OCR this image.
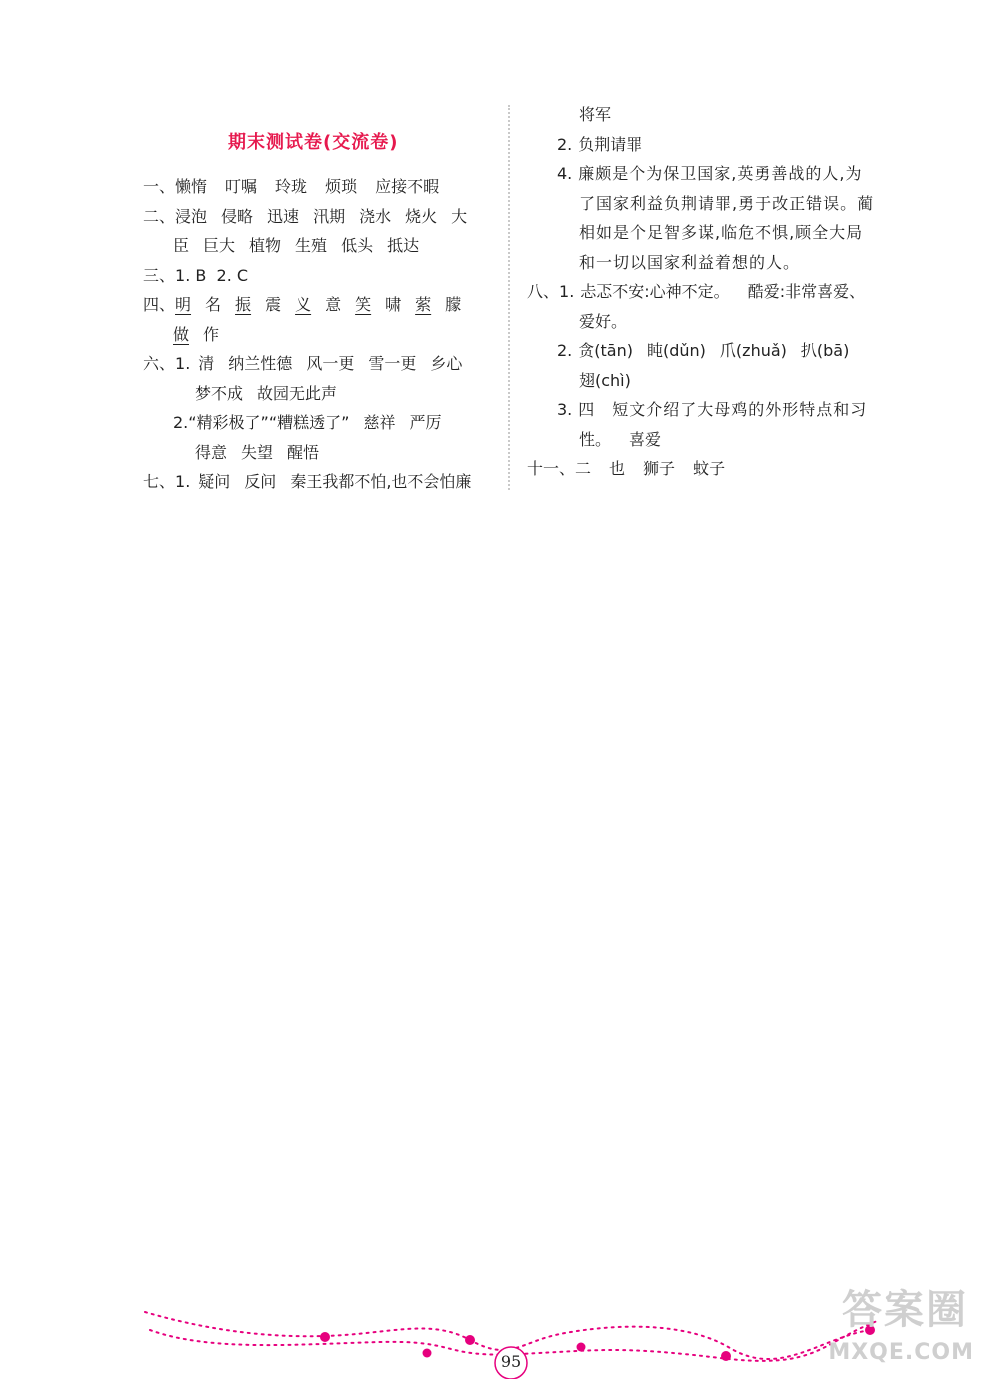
期末测试卷(交流卷)
一、懒惰 叮嘱 玲珑 烦琐 应接不暇
二、浸泡 侵略 迅速 汛期 浇水 烧火 大
臣 巨大 植物 生殖 低头 抵达
三、1. B  2. C
四、明 名 振 震 义 意 笑 啸 萦 朦
做 作
六、1. 清 纳兰性德 风一更 雪一更 乡心
梦不成 故园无此声
2.“精彩极了”“糟糕透了” 慈祥 严厉
得意 失望 醒悟
七、1. 疑问 反问 秦王我都不怕,也不会怕廉
将军
2. 负荆请罪
4. 廉颇是个为保卫国家,英勇善战的人,为
了国家利益负荆请罪,勇于改正错误。蔺
相如是个足智多谋,临危不惧,顾全大局
和一切以国家利益着想的人。
八、1. 忐忑不安:心神不定。 酷爱:非常喜爱、
爱好。
2. 贪(tān) 盹(dǔn) 爪(zhuǎ) 扒(bā)
翅(chì)
3. 四 短文介绍了大母鸡的外形特点和习
性。 喜爱
十一、二 也 狮子 蚊子
95
答案圈
MXQE.COM
